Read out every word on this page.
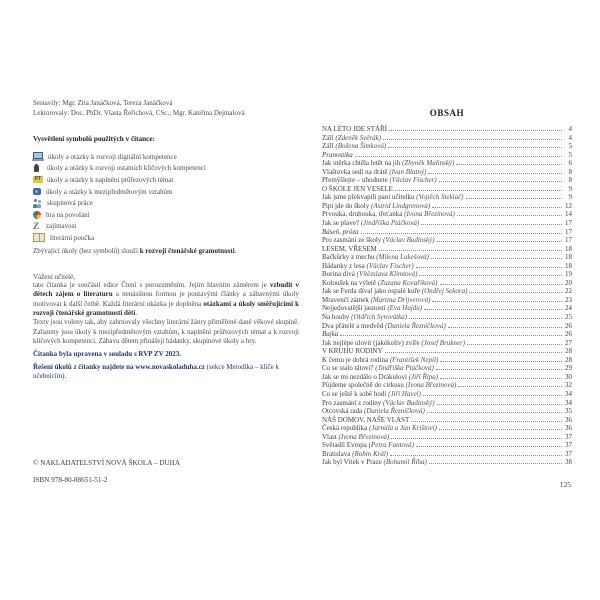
Sestavily: Mgr. Zita Janáčková, Tereza Janáčková
Lektorovaly: Doc. PhDr. Vlasta Řeřichová, CSc.; Mgr. Kateřina Dejmalová
Vysvětlení symbolů použitých v čítance:
úkoly a otázky k rozvoji digitální kompetence
úkoly a otázky k rozvoji ostatních klíčových kompetencí
PT úkoly a otázky k naplnění průřezových témat
úkoly a otázky k mezipředmětovým vztahům
skupinová práce
hra na povolání
Z zajímavost
literární poučka
Zbývající úkoly (bez symbolů) slouží k rozvoji čtenářské gramotnosti.
Vážení učitelé,

tato čítanka je součástí edice Čtení s porozuměním. Jejím hlavním záměrem je vzbudit v dětech zájem o literaturu a nenásilnou formou je poutavými články a zábavnými úkoly motivovat k další četbě. Každá literární ukázka je doplněna otázkami a úkoly směřujícími k rozvoji čtenářské gramotnosti dětí.

Texty jsou voleny tak, aby zahrnovaly všechny literární žánry přiměřené dané věkové skupině. Zařazeny jsou úkoly k mezipředmětovým vztahům, k naplnění průřezových témat a k rozvoji klíčových kompetencí. Zábavu dětem přinášejí hádanky, skupinové úkoly a hry.

Čítanka byla upravena v souladu s RVP ZV 2023.
Řešení úkolů z čítanky najdete na www.novaskoladuha.cz (sekce Metodika – klíče k učebnicím).
© NAKLADATELSTVÍ NOVÁ ŠKOLA – DUHA
ISBN 978-80-88651-51-2
OBSAH
NA LÉTO JDE STÁŘÍ	4
Září (Zdeněk Svěrák)	4
Září (Božena Šimková)	5
Pranostika	5
Jak utěrka chtěla letět na jih (Zbyněk Malinský)	6
Vlaštovka sedí na drátě (Ivan Blatný)	8
Přemýšlejte – uhodnete (Václav Fischer)	8
O ŠKOLE JEN VESELE	9
Jak jsme překvapili paní učitelku (Vojtěch Steklač)	9
Pipi jde do školy (Astrid Lindgrenová)	12
Prvouka, druhouka, třeťanka (Ivona Březinová)	14
Jak se plave? (Jindřiška Ptáčková)	17
Báseň, próza	17
Pro zasmání ze školy (Václav Budinský)	17
LESEM, VŘESEM	18
Bačkůrky z mechu (Milena Lukešová)	18
Hádanky z lesa (Václav Fischer)	18
Borina divá (Vítězslava Klimtová)	19
Koloušek na výletě (Zuzana Kovaříková)	20
Jak se Ferda díval jako ospalé kuře (Ondřej Sekora)	22
Mravenčí zámek (Martina Drijverová)	23
Nejjedovatější jasnosti (Eva Hajdu)	24
Na houby (Oldřich Syrovátka)	25
Dva přátelé a medvěd (Daniela Řezníčková)	26
Bajka	26
Jak nejlépe ulovit (jakékoliv) zvíře (Josef Brukner)	27
V KRUHU RODINY	28
K čemu je dobrá rodina (František Nepil)	28
Co se stalo tátovi? (Jindřiška Ptáčková)	29
Jak se mi nezdálo o Drákulovi (Jiří Řípa)	30
Půjdeme společně do cirkusu (Ivona Březinová)	32
Co se ještě k sobě hodí (Jiří Havel)	34
Pro zasmání z rodiny (Václav Budinský)	34
Otcovská rada (Daniela Řezníčková)	35
NÁŠ DOMOV, NAŠE VLAST	36
Česká republika (Jarmila a Jan Krištovi)	36
Vlast (Ivona Březinová)	37
Světadíl Evropa (Petra Fantová)	37
Bratislava (Robin Král)	37
Jak byl Vítek v Praze (Bohumil Říha)	38
125
